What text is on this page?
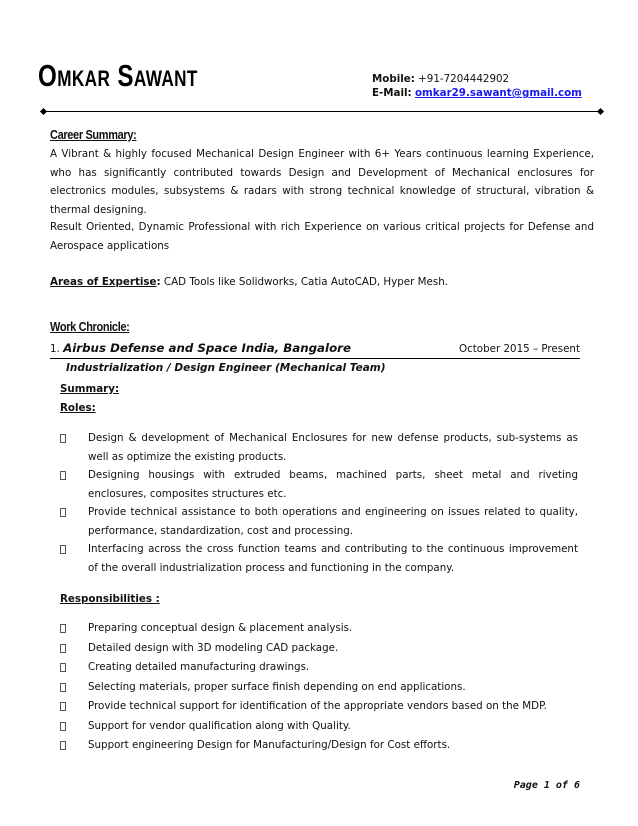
Omkar Sawant	Mobile: +91-7204442902
E-Mail: omkar29.sawant@gmail.com
Career Summary:
A Vibrant & highly focused Mechanical Design Engineer with 6+ Years continuous learning Experience, who has significantly contributed towards Design and Development of Mechanical enclosures for electronics modules, subsystems & radars with strong technical knowledge of structural, vibration & thermal designing.
Result Oriented, Dynamic Professional with rich Experience on various critical projects for Defense and Aerospace applications
Areas of Expertise: CAD Tools like Solidworks, Catia AutoCAD, Hyper Mesh.
Work Chronicle:
1. Airbus Defense and Space India, Bangalore	October 2015 – Present
Industrialization / Design Engineer (Mechanical Team)
Summary:
Roles:
Design & development of Mechanical Enclosures for new defense products, sub-systems as well as optimize the existing products.
Designing housings with extruded beams, machined parts, sheet metal and riveting enclosures, composites structures etc.
Provide technical assistance to both operations and engineering on issues related to quality, performance, standardization, cost and processing.
Interfacing across the cross function teams and contributing to the continuous improvement of the overall industrialization process and functioning in the company.
Responsibilities :
Preparing conceptual design & placement analysis.
Detailed design with 3D modeling CAD package.
Creating detailed manufacturing drawings.
Selecting materials, proper surface finish depending on end applications.
Provide technical support for identification of the appropriate vendors based on the MDP.
Support for vendor qualification along with Quality.
Support engineering Design for Manufacturing/Design for Cost efforts.
Page 1 of 6
